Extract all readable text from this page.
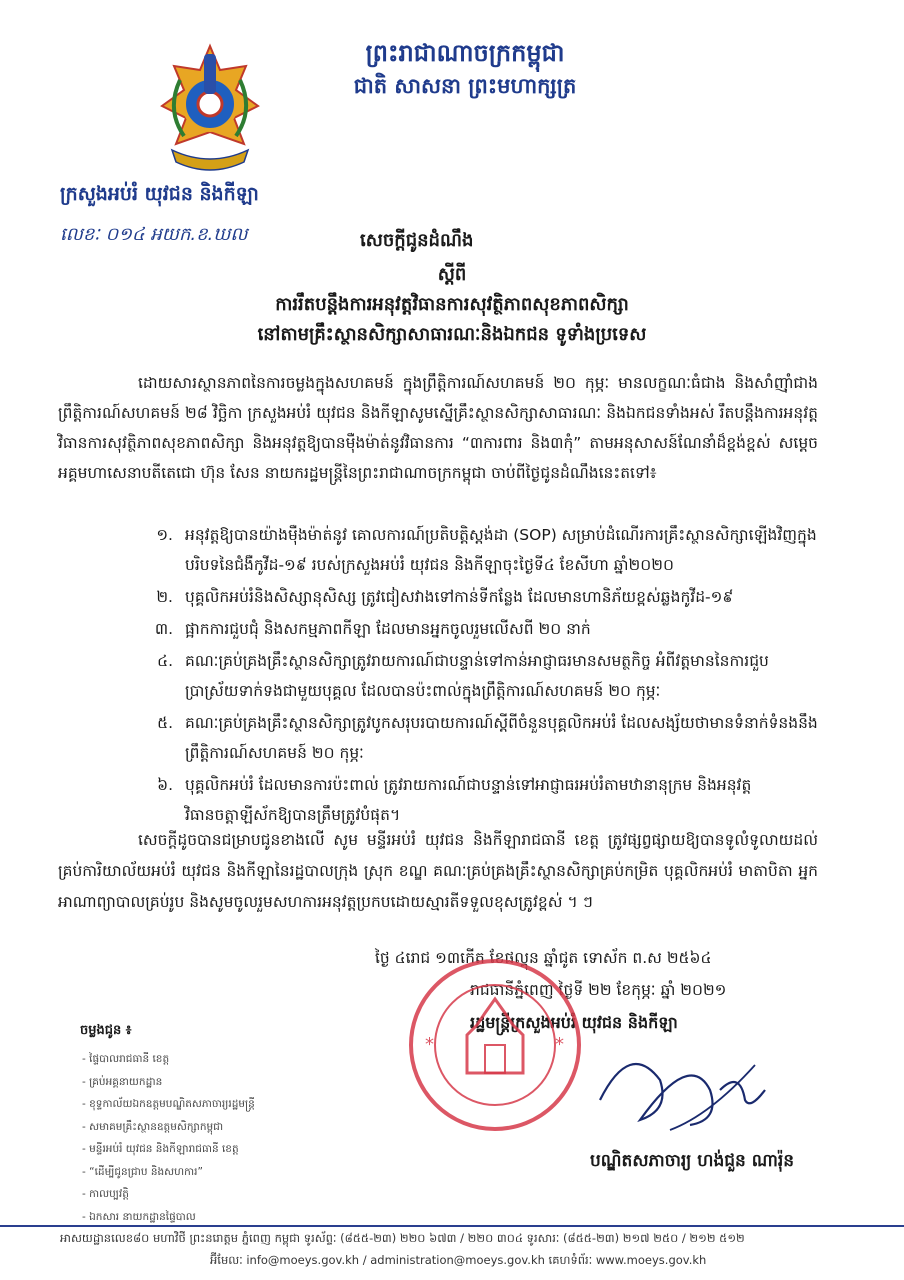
ព្រះរាជាណាចក្រកម្ពុជា
ជាតិ សាសនា ព្រះមហាក្សត្រ
ក្រសួងអប់រំ យុវជន និងកីឡា
លេខៈ ០១៤ អយក.ខ.ឃល	សេចក្តីជូនដំណឹង
ស្តីពី
ការរឹតបន្តឹងការអនុវត្តវិធានការសុវត្ថិភាពសុខភាពសិក្សា
នៅតាមគ្រឹះស្ថានសិក្សាសាធារណៈនិងឯកជន ទូទាំងប្រទេស

ដោយសារស្ថានភាពនៃការចម្លងក្នុងសហគមន៍ ក្នុងព្រឹត្តិការណ៍សហគមន៍ ២០ កុម្ភៈ មានលក្ខណៈធំជាង និងសាំញ៉ាំជាងព្រឹត្តិការណ៍សហគមន៍ ២៨ វិច្ឆិកា ក្រសួងអប់រំ យុវជន និងកីឡាសូមស្នើគ្រឹះស្ថានសិក្សាសាធារណៈ និងឯកជនទាំងអស់ រឹតបន្តឹងការអនុវត្តវិធានការសុវត្ថិភាពសុខភាពសិក្សា និងអនុវត្តឱ្យបានម៉ឺងម៉ាត់នូវវិធានការ “៣ការពារ និង៣កុំ” តាមអនុសាសន៍ណែនាំដ៏ខ្ពង់ខ្ពស់ សម្តេចអគ្គមហាសេនាបតីតេជោ ហ៊ុន សែន នាយករដ្ឋមន្ត្រីនៃព្រះរាជាណាចក្រកម្ពុជា ចាប់ពីថ្ងៃជូនដំណឹងនេះតទៅ៖

១. អនុវត្តឱ្យបានយ៉ាងម៉ឺងម៉ាត់នូវ គោលការណ៍ប្រតិបត្តិស្តង់ដា (SOP) សម្រាប់ដំណើរការគ្រឹះស្ថានសិក្សាឡើងវិញក្នុងបរិបទនៃជំងឺកូវីដ-១៩ របស់ក្រសួងអប់រំ យុវជន និងកីឡាចុះថ្ងៃទី៤ ខែសីហា ឆ្នាំ២០២០
២. បុគ្គលិកអប់រំនិងសិស្សានុសិស្ស ត្រូវជៀសវាងទៅកាន់ទីកន្លែង ដែលមានហានិភ័យខ្ពស់ឆ្លងកូវីដ-១៩
៣. ផ្អាកការជួបជុំ និងសកម្មភាពកីឡា ដែលមានអ្នកចូលរួមលើសពី ២០ នាក់
៤. គណៈគ្រប់គ្រងគ្រឹះស្ថានសិក្សាត្រូវរាយការណ៍ជាបន្ទាន់ទៅកាន់អាជ្ញាធរមានសមត្ថកិច្ច អំពីវត្តមាននៃការជួបប្រាស្រ័យទាក់ទងជាមួយបុគ្គល ដែលបានប៉ះពាល់ក្នុងព្រឹត្តិការណ៍សហគមន៍ ២០ កុម្ភៈ
៥. គណៈគ្រប់គ្រងគ្រឹះស្ថានសិក្សាត្រូវបូកសរុបរបាយការណ៍ស្តីពីចំនួនបុគ្គលិកអប់រំ ដែលសង្ស័យថាមានទំនាក់ទំនងនឹងព្រឹត្តិការណ៍សហគមន៍ ២០ កុម្ភៈ
៦. បុគ្គលិកអប់រំ ដែលមានការប៉ះពាល់ ត្រូវរាយការណ៍ជាបន្ទាន់ទៅអាជ្ញាធរអប់រំតាមឋានានុក្រម និងអនុវត្តវិធានចត្តាឡីស័កឱ្យបានត្រឹមត្រូវបំផុត។

សេចក្តីដូចបានជម្រាបជូនខាងលើ សូម មន្ទីរអប់រំ យុវជន និងកីឡារាជធានី ខេត្ត ត្រូវផ្សព្វផ្សាយឱ្យបានទូលំទូលាយដល់គ្រប់ការិយាល័យអប់រំ យុវជន និងកីឡានៃរដ្ឋបាលក្រុង ស្រុក ខណ្ឌ គណៈគ្រប់គ្រងគ្រឹះស្ថានសិក្សាគ្រប់កម្រិត បុគ្គលិកអប់រំ មាតាបិតា អ្នកអាណាព្យាបាលគ្រប់រូប និងសូមចូលរួមសហការអនុវត្តប្រកបដោយស្មារតីទទួលខុសត្រូវខ្ពស់ ។ ៗ

ថ្ងៃ ៤រោជ ១៣កើត ខែផល្គុន ឆ្នាំជូត ទោស័ក ព.ស ២៥៦៤
រាជធានីភ្នំពេញ ថ្ងៃទី ២២ ខែកុម្ភៈ ឆ្នាំ ២០២១
រដ្ឋមន្ត្រីក្រសួងអប់រំ យុវជន និងកីឡា
*	*
បណ្ឌិតសភាចារ្យ ហង់ជួន ណារ៉ុន
ចម្លងជូន ៖
- ផ្ទៃបាលរាជធានី ខេត្ត
- គ្រប់អគ្គនាយកដ្ឋាន
- ខុទ្ទកាល័យឯកឧត្តមបណ្ឌិតសភាចារ្យរដ្ឋមន្ត្រី
- សមាគមគ្រឹះស្ថានឧត្តមសិក្សាកម្ពុជា
- មន្ទីរអប់រំ យុវជន និងកីឡារាជធានី ខេត្ត
- “ដើម្បីជូនជ្រាប និងសហការ”
- កាលប្បវត្តិ
- ឯកសារ នាយកដ្ឋានផ្ទៃបាល
អាសយដ្ឋានលេខ៨០ មហាវិថី ព្រះនរោត្តម ភ្នំពេញ កម្ពុជា ទូរស័ព្ទៈ (៨៥៥-២៣) ២២០ ៦៧៣ / ២២០ ៣០៤ ទូរសារៈ (៨៥៥-២៣) ២១៧ ២៥០ / ២១២ ៥១២
អ៊ីមែលៈ info@moeys.gov.kh / administration@moeys.gov.kh គេហទំព័រៈ www.moeys.gov.kh
